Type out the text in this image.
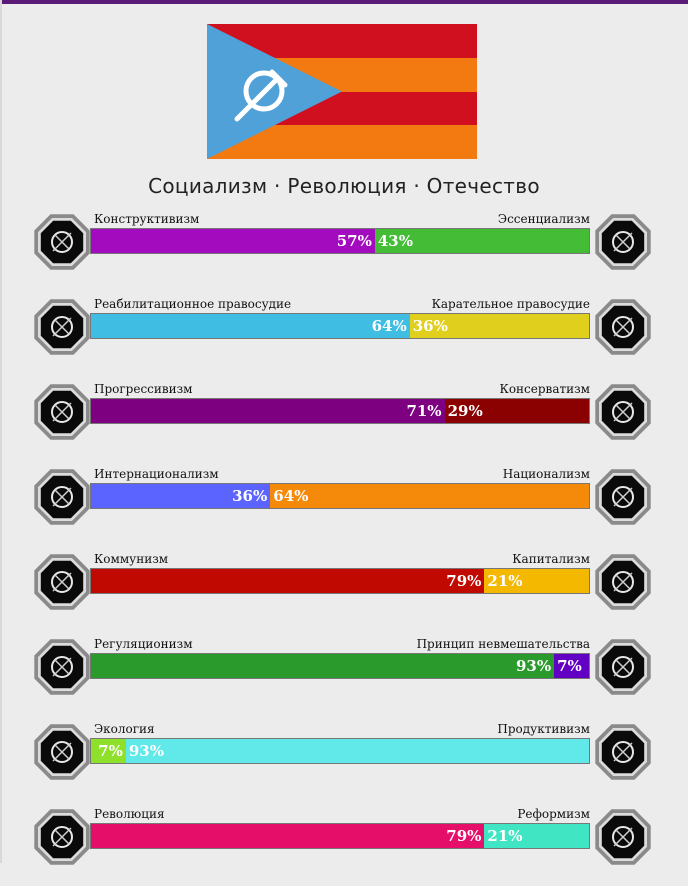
Социализм · Революция · Отечество
57% 43%
Конструктивизм	Эссенциализм
64% 36%
Реабилитационное правосудие	Карательное правосудие
71% 29%
Прогрессивизм	Консерватизм
36% 64%
Интернационализм	Национализм
79% 21%
Коммунизм	Капитализм
93% 7%
Регуляционизм	Принцип невмешательства
7% 93%
Экология	Продуктивизм
79% 21%
Революция	Реформизм
